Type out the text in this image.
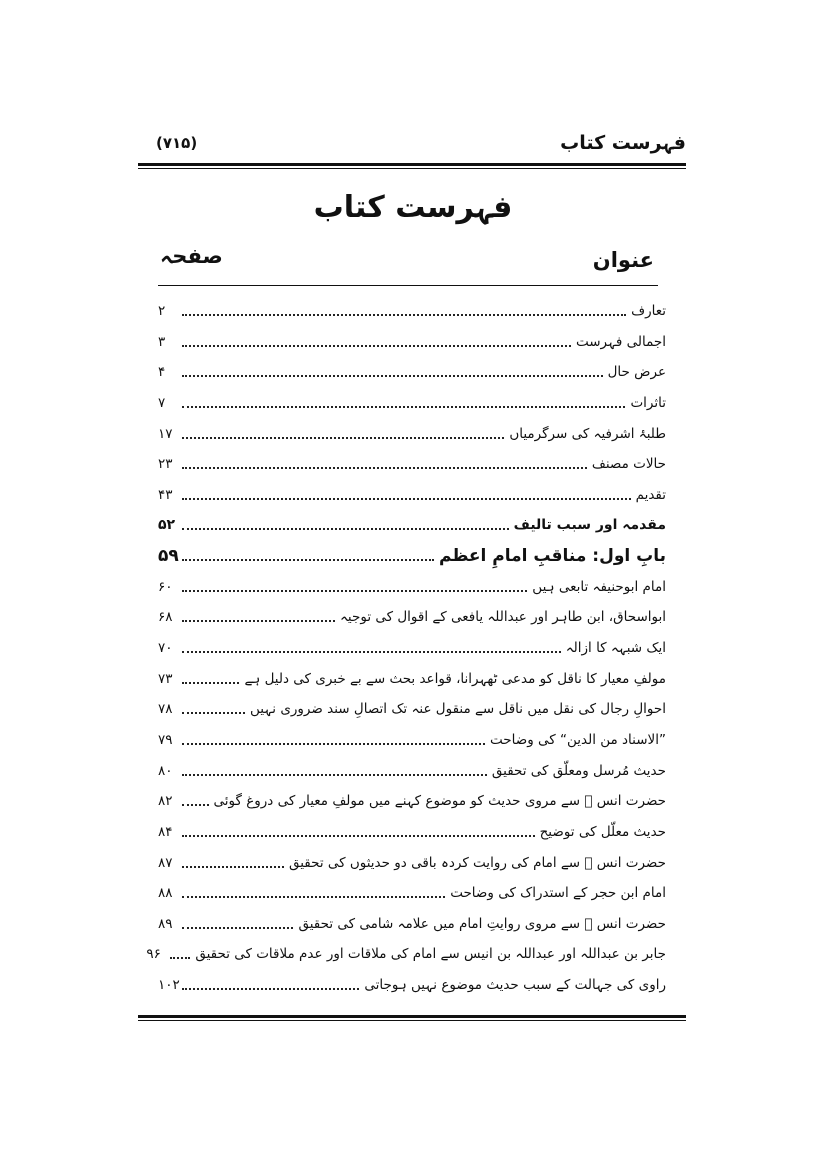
فہرست کتاب
(۷۱۵)
فہرست کتاب
عنوان
صفحہ
تعارف
۲
اجمالی فہرست
۳
عرض حال
۴
تاثرات
۷
طلبۂ اشرفیہ کی سرگرمیاں
۱۷
حالات مصنف
۲۳
تقدیم
۴۳
مقدمہ اور سبب تالیف
۵۲
بابِ اول: مناقبِ امامِ اعظم
۵۹
امام ابوحنیفہ تابعی ہیں
۶۰
ابواسحاق، ابن طاہر اور عبداللہ یافعی کے اقوال کی توجیہ
۶۸
ایک شبہہ کا ازالہ
۷۰
مولفِ معیار کا ناقل کو مدعی ٹھہرانا، قواعد بحث سے بے خبری کی دلیل ہے
۷۳
احوالِ رجال کی نقل میں ناقل سے منقول عنہ تک اتصالِ سند ضروری نہیں
۷۸
”الاسناد من الدین“ کی وضاحت
۷۹
حدیث مُرسل ومعلّق کی تحقیق
۸۰
حضرت انس ﷛ سے مروی حدیث کو موضوع کہنے میں مولفِ معیار کی دروغ گوئی
۸۲
حدیث معلّل کی توضیح
۸۴
حضرت انس ﷛ سے امام کی روایت کردہ باقی دو حدیثوں کی تحقیق
۸۷
امام ابن حجر کے استدراک کی وضاحت
۸۸
حضرت انس ﷛ سے مروی روایتِ امام میں علامہ شامی کی تحقیق
۸۹
جابر بن عبداللہ اور عبداللہ بن انیس سے امام کی ملاقات اور عدم ملاقات کی تحقیق
۹۶
راوی کی جہالت کے سبب حدیث موضوع نہیں ہوجاتی
۱۰۲
